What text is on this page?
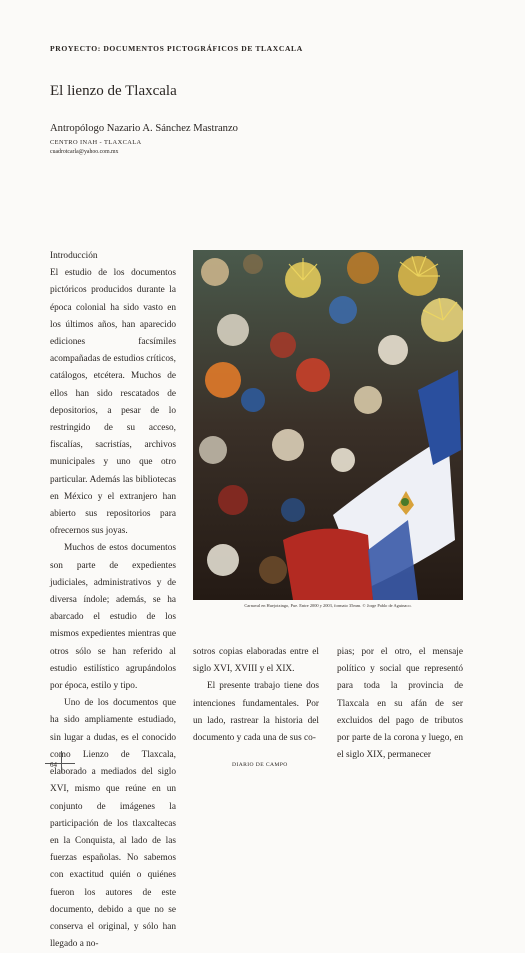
PROYECTO: DOCUMENTOS PICTOGRÁFICOS DE TLAXCALA
El lienzo de Tlaxcala
Antropólogo Nazario A. Sánchez Mastranzo
CENTRO INAH - TLAXCALA
cuadrotcarla@yahoo.com.mx

Introducción

El estudio de los documentos pictóricos producidos durante la época colonial ha sido vasto en los últimos años, han aparecido ediciones facsímiles acompañadas de estudios críticos, catálogos, etcétera. Muchos de ellos han sido rescatados de depositorios, a pesar de lo restringido de su acceso, fiscalías, sacristías, archivos municipales y uno que otro particular. Además las bibliotecas en México y el extranjero han abierto sus repositorios para ofrecernos sus joyas.

Muchos de estos documentos son parte de expedientes judiciales, administrativos y de diversa índole; además, se ha abarcado el estudio de los mismos expedientes mientras que otros sólo se han referido al estudio estilístico agrupándolos por época, estilo y tipo.

Uno de los documentos que ha sido ampliamente estudiado, sin lugar a dudas, es el conocido como Lienzo de Tlaxcala, elaborado a mediados del siglo XVI, mismo que reúne en un conjunto de imágenes la participación de los tlaxcaltecas en la Conquista, al lado de las fuerzas españolas. No sabemos con exactitud quién o quiénes fueron los autores de este documento, debido a que no se conserva el original, y sólo han llegado a no-

Carnaval en Huejotzingo, Pue. Entre 2000 y 2003, formato 35mm. © Jorge Pablo de Aguinaco.

sotros copias elaboradas entre el siglo XVI, XVIII y el XIX.

El presente trabajo tiene dos intenciones fundamentales. Por un lado, rastrear la historia del documento y cada una de sus co-

pias; por el otro, el mensaje político y social que representó para toda la provincia de Tlaxcala en su afán de ser excluidos del pago de tributos por parte de la corona y luego, en el siglo XIX, permanecer

64	DIARIO DE CAMPO
